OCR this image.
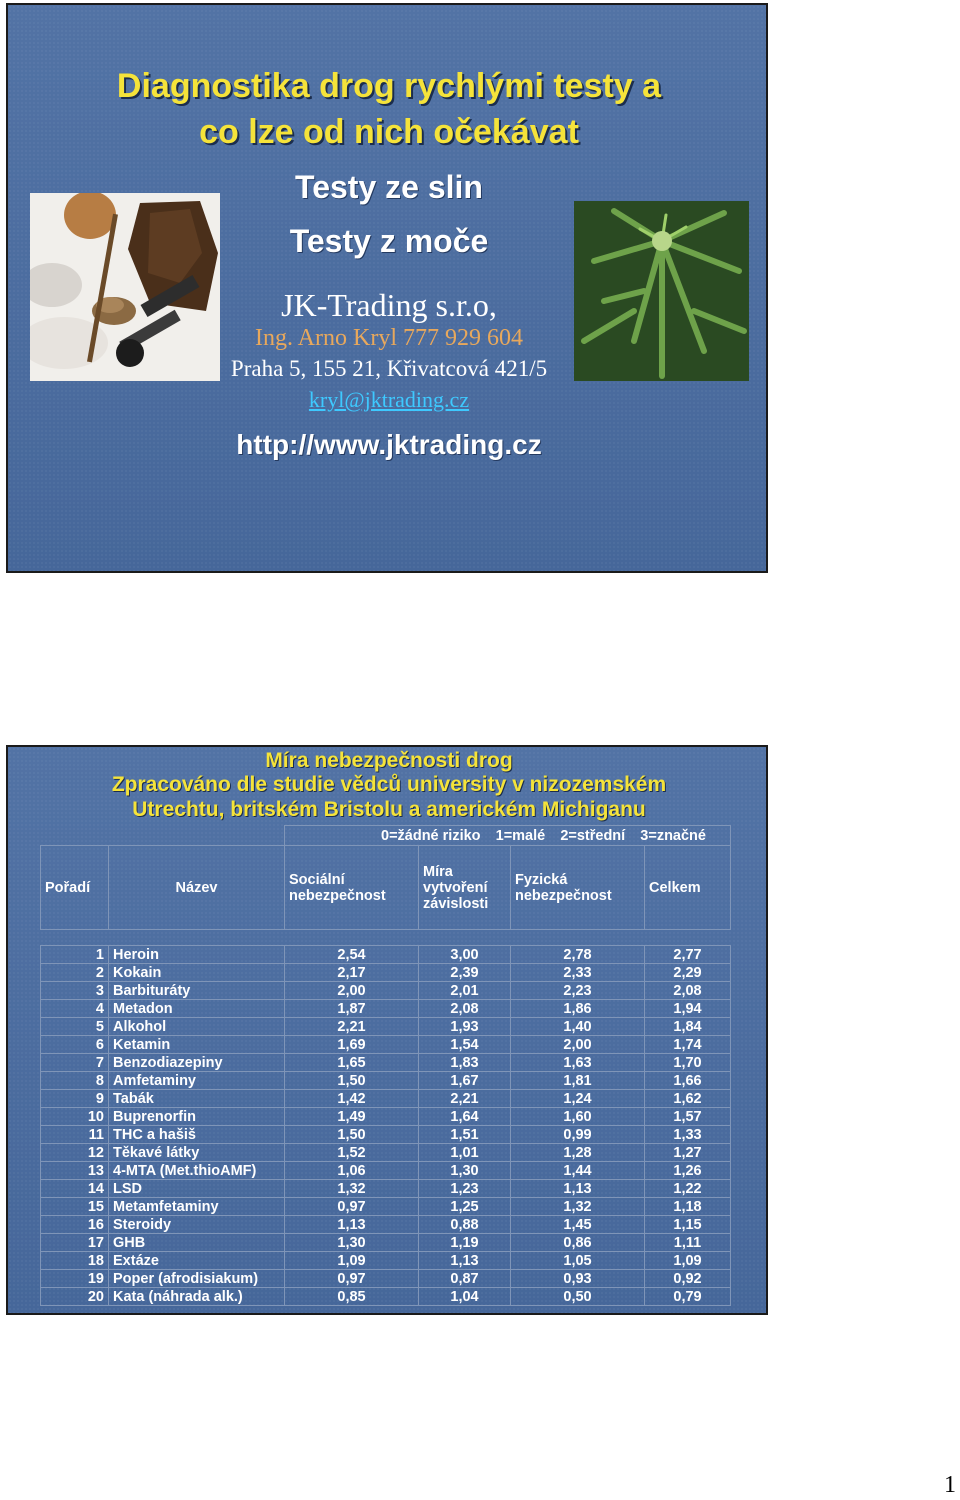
Diagnostika drog rychlými testy a
co lze od nich očekávat
Testy ze slin
Testy z moče
JK-Trading s.r.o,
Ing. Arno Kryl 777 929 604
Praha 5, 155 21, Křivatcová 421/5
kryl@jktrading.cz
http://www.jktrading.cz
Míra nebezpečnosti drog
Zpracováno dle studie vědců university v nizozemském
Utrechtu, britském Bristolu a americkém Michiganu

		0=žádné riziko 1=malé 2=střední 3=značné			

Pořadí	Název	Sociální nebezpečnost	Míra vytvoření závislosti	Fyzická nebezpečnost	Celkem

1	Heroin	2,54	3,00	2,78	2,77
2	Kokain	2,17	2,39	2,33	2,29
3	Barbituráty	2,00	2,01	2,23	2,08
4	Metadon	1,87	2,08	1,86	1,94
5	Alkohol	2,21	1,93	1,40	1,84
6	Ketamin	1,69	1,54	2,00	1,74
7	Benzodiazepiny	1,65	1,83	1,63	1,70
8	Amfetaminy	1,50	1,67	1,81	1,66
9	Tabák	1,42	2,21	1,24	1,62
10	Buprenorfin	1,49	1,64	1,60	1,57
11	THC a hašiš	1,50	1,51	0,99	1,33
12	Těkavé látky	1,52	1,01	1,28	1,27
13	4-MTA (Met.thioAMF)	1,06	1,30	1,44	1,26
14	LSD	1,32	1,23	1,13	1,22
15	Metamfetaminy	0,97	1,25	1,32	1,18
16	Steroidy	1,13	0,88	1,45	1,15
17	GHB	1,30	1,19	0,86	1,11
18	Extáze	1,09	1,13	1,05	1,09
19	Poper (afrodisiakum)	0,97	0,87	0,93	0,92
20	Kata (náhrada alk.)	0,85	1,04	0,50	0,79
1
